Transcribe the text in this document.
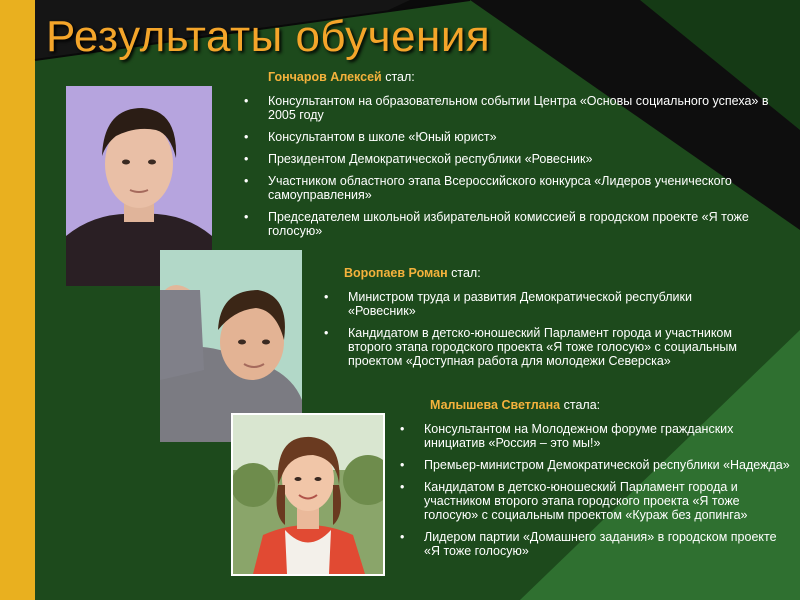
Результаты обучения
Гончаров Алексей стал:
• Консультантом на образовательном событии Центра «Основы социального успеха» в 2005 году
• Консультантом в школе «Юный юрист»
• Президентом Демократической республики «Ровесник»
• Участником областного этапа Всероссийского конкурса «Лидеров ученического самоуправления»
• Председателем школьной избирательной комиссией в городском проекте «Я тоже голосую»
Воропаев Роман стал:
• Министром труда и развития Демократической республики «Ровесник»
• Кандидатом в детско-юношеский Парламент города и участником второго этапа городского проекта «Я тоже голосую» с социальным проектом «Доступная работа для молодежи Северска»
Малышева Светлана стала:
• Консультантом на Молодежном форуме гражданских инициатив «Россия – это мы!»
• Премьер-министром Демократической республики «Надежда»
• Кандидатом в детско-юношеский Парламент города и участником второго этапа городского проекта «Я тоже голосую» с социальным проектом «Кураж без допинга»
• Лидером партии «Домашнего задания» в городском проекте «Я тоже голосую»
